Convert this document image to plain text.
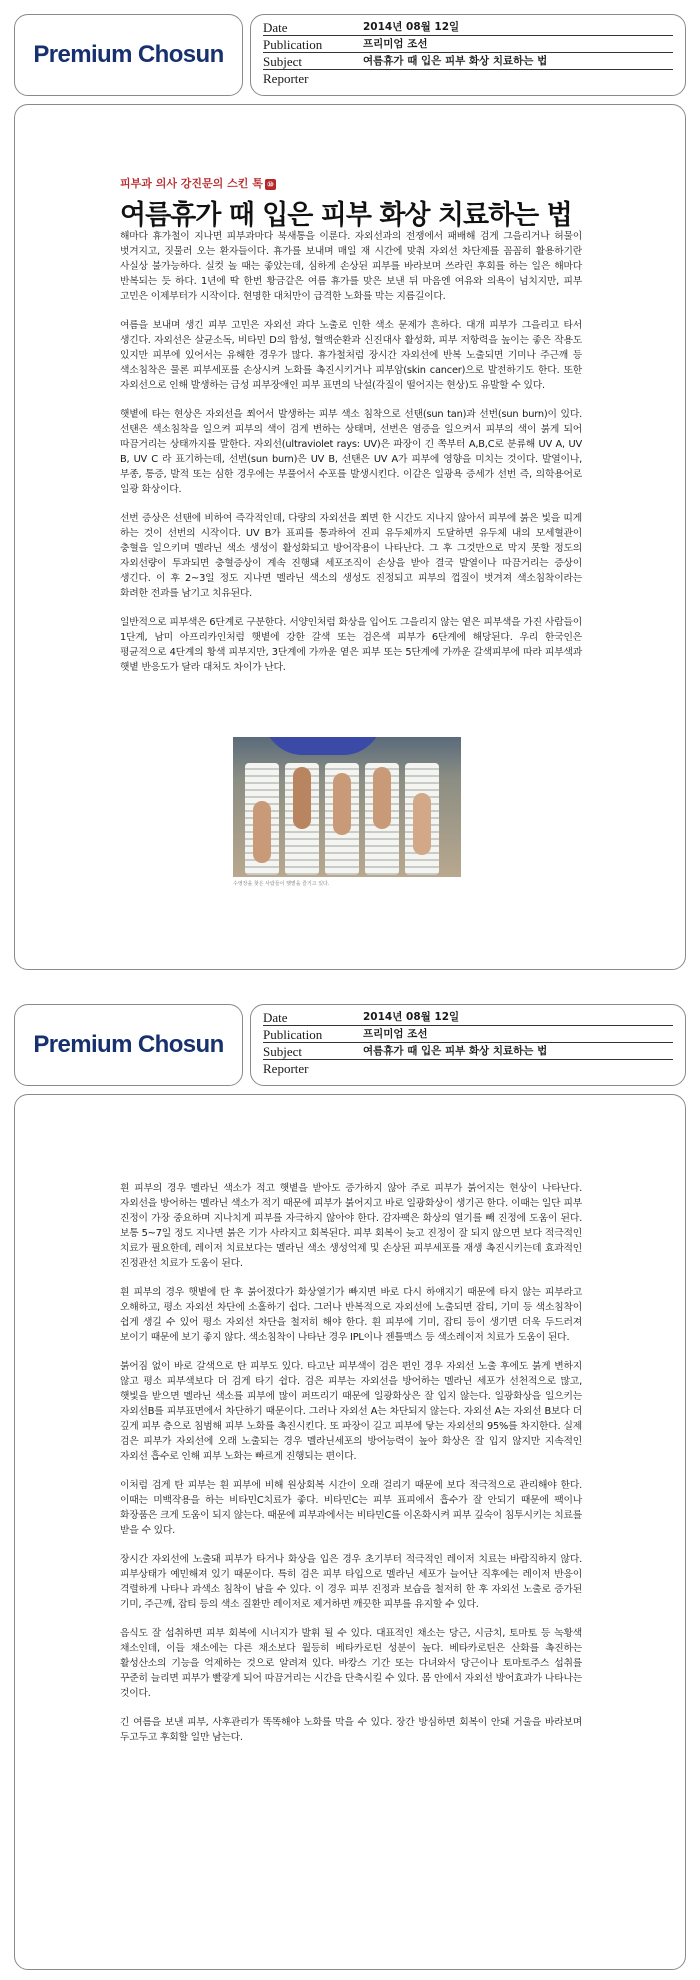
Premium Chosun
Date	2014년 08월 12일
Publication	프리미엄 조선
Subject	여름휴가 때 입은 피부 화상 치료하는 법
Reporter
피부과 의사 강진문의 스킨 톡 ⑩
여름휴가 때 입은 피부 화상 치료하는 법

해마다 휴가철이 지나면 피부과마다 북새통을 이룬다. 자외선과의 전쟁에서 패배해 검게 그을리거나 허물이 벗겨지고, 짓물러 오는 환자들이다. 휴가를 보내며 매일 재 시간에 맞춰 자외선 차단제를 꼼꼼히 활용하기란 사실상 불가능하다. 실컷 놀 때는 좋았는데, 심하게 손상된 피부를 바라보며 쓰라린 후회를 하는 일은 해마다 반복되는 듯 하다. 1년에 딱 한번 황금같은 여름 휴가를 맞은 보낸 뒤 마음엔 여유와 의욕이 넘치지만, 피부 고민은 이제부터가 시작이다. 현명한 대처만이 급격한 노화를 막는 지름길이다.

여름을 보내며 생긴 피부 고민은 자외선 과다 노출로 인한 색소 문제가 흔하다. 대개 피부가 그을리고 타서 생긴다. 자외선은 살균소독, 비타민 D의 합성, 혈액순환과 신진대사 활성화, 피부 저항력을 높이는 좋은 작용도 있지만 피부에 있어서는 유해한 경우가 많다. 휴가철처럼 장시간 자외선에 반복 노출되면 기미나 주근깨 등 색소침착은 물론 피부세포를 손상시켜 노화를 촉진시키거나 피부암(skin cancer)으로 발전하기도 한다. 또한 자외선으로 인해 발생하는 급성 피부장애인 피부 표면의 낙설(각질이 떨어지는 현상)도 유발할 수 있다.

햇볕에 타는 현상은 자외선을 쬐어서 발생하는 피부 색소 침착으로 선탠(sun tan)과 선번(sun burn)이 있다. 선탠은 색소침착을 일으켜 피부의 색이 검게 변하는 상태며, 선번은 염증을 일으켜서 피부의 색이 붉게 되어 따끔거리는 상태까지를 말한다. 자외선(ultraviolet rays: UV)은 파장이 긴 쪽부터 A,B,C로 분류해 UV A, UV B, UV C 라 표기하는데, 선번(sun burn)은 UV B, 선탠은 UV A가 피부에 영향을 미치는 것이다. 발열이나, 부종, 통증, 발적 또는 심한 경우에는 부풀어서 수포를 발생시킨다. 이같은 일광욕 증세가 선번 즉, 의학용어로 일광 화상이다.

선번 증상은 선탠에 비하여 즉각적인데, 다량의 자외선을 쬐면 한 시간도 지나지 않아서 피부에 붉은 빛을 띠게 하는 것이 선번의 시작이다. UV B가 표피를 통과하여 진피 유두체까지 도달하면 유두체 내의 모세혈관이 충혈을 일으키며 멜라닌 색소 생성이 활성화되고 방어작용이 나타난다. 그 후 그것만으로 막지 못할 정도의 자외선량이 투과되면 충혈증상이 계속 진행돼 세포조직이 손상을 받아 결국 발열이나 따끔거리는 증상이 생긴다. 이 후 2~3일 정도 지나면 멜라닌 색소의 생성도 진정되고 피부의 껍질이 벗겨져 색소침착이라는 화려한 전과를 남기고 치유된다.

일반적으로 피부색은 6단계로 구분한다. 서양인처럼 화상을 입어도 그을리지 않는 옅은 피부색을 가진 사람들이 1단계, 남미 아프리카인처럼 햇볕에 강한 갈색 또는 검은색 피부가 6단계에 해당된다. 우리 한국인은 평균적으로 4단계의 황색 피부지만, 3단계에 가까운 옅은 피부 또는 5단계에 가까운 갈색피부에 따라 피부색과 햇볕 반응도가 달라 대처도 차이가 난다.

수영장을 찾은 사람들이 햇볕을 즐기고 있다.
Premium Chosun
Date	2014년 08월 12일
Publication	프리미엄 조선
Subject	여름휴가 때 입은 피부 화상 치료하는 법
Reporter

흰 피부의 경우 멜라닌 색소가 적고 햇볕을 받아도 증가하지 않아 주로 피부가 붉어지는 현상이 나타난다. 자외선을 방어하는 멜라닌 색소가 적기 때문에 피부가 붉어지고 바로 일광화상이 생기곤 한다. 이때는 일단 피부 진정이 가장 중요하며 지나치게 피부를 자극하지 않아야 한다. 감자팩은 화상의 열기를 빼 진정에 도움이 된다. 보통 5~7일 정도 지나면 붉은 기가 사라지고 회복된다. 피부 회복이 늦고 진정이 잘 되지 않으면 보다 적극적인 치료가 필요한데, 레이저 치료보다는 멜라닌 색소 생성억제 및 손상된 피부세포를 재생 촉진시키는데 효과적인 진정관선 치료가 도움이 된다.

흰 피부의 경우 햇볕에 탄 후 붉어졌다가 화상열기가 빠지면 바로 다시 하얘지기 때문에 타지 않는 피부라고 오해하고, 평소 자외선 차단에 소홀하기 쉽다. 그러나 반복적으로 자외선에 노출되면 잡티, 기미 등 색소침착이 쉽게 생길 수 있어 평소 자외선 차단을 철저히 해야 한다. 흰 피부에 기미, 잡티 등이 생기면 더욱 두드러져 보이기 때문에 보기 좋지 않다. 색소침착이 나타난 경우 IPL이나 젠틀맥스 등 색소레이저 치료가 도움이 된다.

붉어짐 없이 바로 갈색으로 탄 피부도 있다. 타고난 피부색이 검은 편인 경우 자외선 노출 후에도 붉게 변하지 않고 평소 피부색보다 더 검게 타기 쉽다. 검은 피부는 자외선을 방어하는 멜라닌 세포가 선천적으로 많고, 햇빛을 받으면 멜라닌 색소를 피부에 많이 퍼뜨리기 때문에 일광화상은 잘 입지 않는다. 일광화상을 일으키는 자외선B를 피부표면에서 차단하기 때문이다. 그러나 자외선 A는 차단되지 않는다. 자외선 A는 자외선 B보다 더 깊게 피부 층으로 침범해 피부 노화를 촉진시킨다. 또 파장이 길고 피부에 닿는 자외선의 95%를 차지한다. 실제 검은 피부가 자외선에 오래 노출되는 경우 멜라닌세포의 방어능력이 높아 화상은 잘 입지 않지만 지속적인 자외선 흡수로 인해 피부 노화는 빠르게 진행되는 편이다.

이처럼 검게 탄 피부는 흰 피부에 비해 원상회복 시간이 오래 걸리기 때문에 보다 적극적으로 관리해야 한다. 이때는 미백작용을 하는 비타민C치료가 좋다. 비타민C는 피부 표피에서 흡수가 잘 안되기 때문에 팩이나 화장품은 크게 도움이 되지 않는다. 때문에 피부과에서는 비타민C를 이온화시켜 피부 깊숙이 침투시키는 치료를 받을 수 있다.

장시간 자외선에 노출돼 피부가 타거나 화상을 입은 경우 초기부터 적극적인 레이저 치료는 바람직하지 않다. 피부상태가 예민해져 있기 때문이다. 특히 검은 피부 타입으로 멜라닌 세포가 늘어난 직후에는 레이저 반응이 격렬하게 나타나 과색소 침착이 남을 수 있다. 이 경우 피부 진정과 보습을 철저히 한 후 자외선 노출로 증가된 기미, 주근깨, 잡티 등의 색소 질환만 레이저로 제거하면 깨끗한 피부를 유지할 수 있다.

음식도 잘 섭취하면 피부 회복에 시너지가 발휘 될 수 있다. 대표적인 채소는 당근, 시금치, 토마토 등 녹황색 채소인데, 이들 채소에는 다른 채소보다 월등히 베타카로틴 성분이 높다. 베타카로틴은 산화를 촉진하는 활성산소의 기능을 억제하는 것으로 알려져 있다. 바캉스 기간 또는 다녀와서 당근이나 토마토주스 섭취를 꾸준히 늘리면 피부가 빨갛게 되어 따끔거리는 시간을 단축시킬 수 있다. 몸 안에서 자외선 방어효과가 나타나는 것이다.

긴 여름을 보낸 피부, 사후관리가 똑똑해야 노화를 막을 수 있다. 장간 방심하면 회복이 안돼 거울을 바라보며 두고두고 후회할 일만 남는다.
